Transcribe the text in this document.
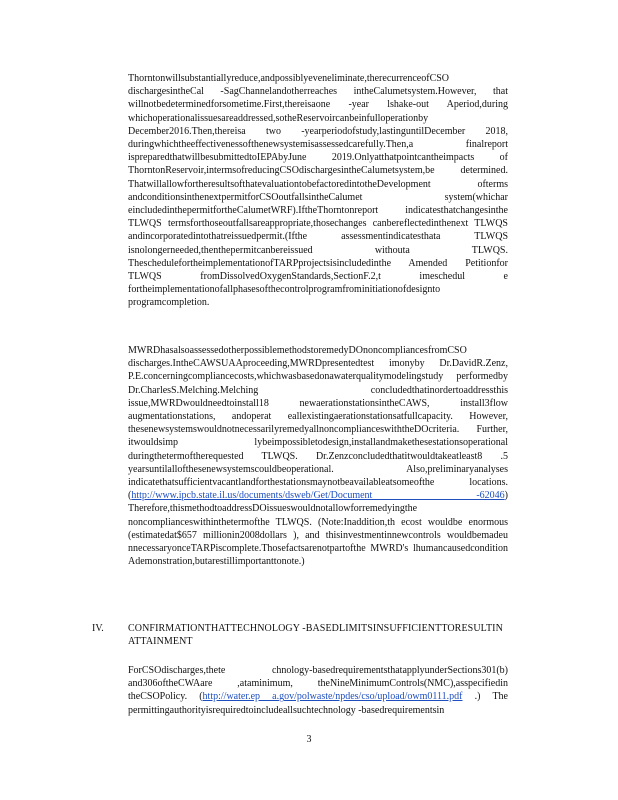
Thorntonwillsubstantiallyreduce,andpossiblyeveneliminate,therecurrenceofCSO dischargesintheCal -SagChannelandotherreaches intheCalumetsystem.However, that willnotbedeterminedforsometime.First,thereisaone -year lshake-out Aperiod,during whichoperationalissuesareaddressed,sotheReservoircanbeinfulloperationby December2016.Then,thereisa two -yearperiodofstudy,lastinguntilDecember 2018, duringwhichtheeffectivenessofthenewsystemisassessedcarefully.Then,a finalreport ispreparedthatwillbesubmittedtoIEPAbyJune 2019.Onlyatthatpointcantheimpacts of ThorntonReservoir,intermsofreducingCSOdischargesintheCalumetsystem,be determined. ThatwillallowfortheresultsofthatevaluationtobefactoredintotheDevelopment ofterms andconditionsinthenextpermitforCSOoutfallsintheCalumet system(whichar eincludedinthepermitfortheCalumetWRF).IftheThorntonreport indicatesthatchangesinthe TLWQS termsforthoseoutfallsareappropriate,thosechanges canbereflectedinthenext TLWQS andincorporatedintothatreissuedpermit.(Ifthe assessmentindicatesthata TLWQS isnolongerneeded,thenthepermitcanbereissued withouta TLWQS. TheschedulefortheimplementationofTARPprojectsisincludedinthe Amended Petitionfor TLWQS fromDissolvedOxygenStandards,SectionF.2,t imeschedul e fortheimplementationofallphasesofthecontrolprogramfrominitiationofdesignto programcompletion.

MWRDhasalsoassessedotherpossiblemethodstoremedyDOnoncompliancesfromCSO discharges.IntheCAWSUAAproceeding,MWRDpresentedtest imonyby Dr.DavidR.Zenz, P.E.concerningcompliancecosts,whichwasbasedonawaterqualitymodelingstudy performedby Dr.CharlesS.Melching.Melching concludedthatinordertoaddressthis issue,MWRDwouldneedtoinstall18 newaerationstationsintheCAWS, install3flow augmentationstations, andoperat eallexistingaerationstationsatfullcapacity. However, thesenewsystemswouldnotnecessarilyremedyallnoncomplianceswiththeDOcriteria. Further, itwouldsimp lybeimpossibletodesign,installandmakethesestationsoperational duringthetermoftherequested TLWQS. Dr.Zenzconcludedthatitwouldtakeatleast8 .5 yearsuntilallofthesenewsystemscouldbeoperational. Also,preliminaryanalyses indicatethatsufficientvacantlandforthestationsmaynotbeavailableatsomeofthe locations. (http://www.ipcb.state.il.us/documents/dsweb/Get/Document -62046) Therefore,thismethodtoaddressDOissueswouldnotallowforremedyingthe noncomplianceswithinthetermofthe TLWQS. (Note:Inaddition,th ecost wouldbe enormous (estimatedat$657 millionin2008dollars ), and thisinvestmentinnewcontrols wouldbemadeu nnecessaryonceTARPiscomplete.Thosefactsarenotpartofthe MWRD's lhumancausedcondition Ademonstration,butarestillimportanttonote.)

IV. CONFIRMATIONTHATTECHNOLOGY -BASEDLIMITSINSUFFICIENTTORESULTIN ATTAINMENT

ForCSOdischarges,thete chnology-basedrequirementsthatapplyunderSections301(b) and306oftheCWAare ,ataminimum, theNineMinimumControls(NMC),asspecifiedin theCSOPolicy. (http://water.ep a.gov/polwaste/npdes/cso/upload/owm0111.pdf .) The permittingauthorityisrequiredtoincludeallsuchtechnology -basedrequirementsin

3
